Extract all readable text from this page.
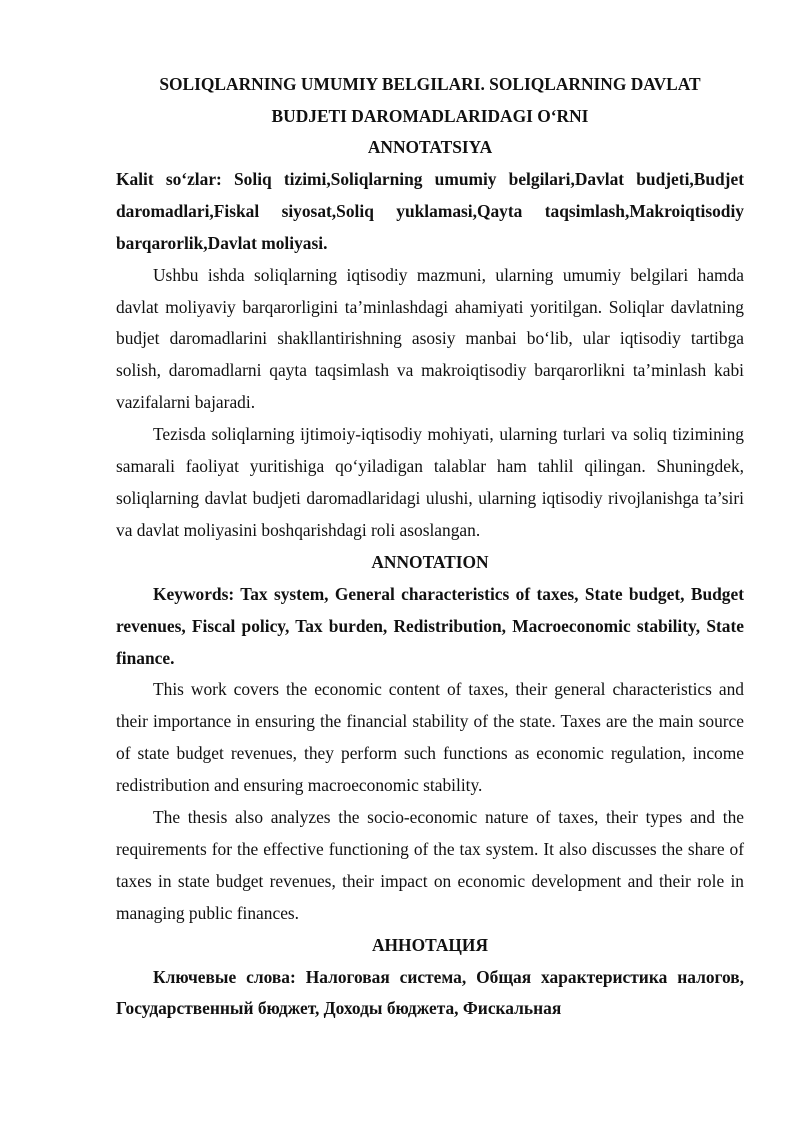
SOLIQLARNING UMUMIY BELGILARI. SOLIQLARNING DAVLAT
BUDJETI DAROMADLARIDAGI O‘RNI
ANNOTATSIYA

Kalit so‘zlar: Soliq tizimi,Soliqlarning umumiy belgilari,Davlat budjeti,Budjet daromadlari,Fiskal siyosat,Soliq yuklamasi,Qayta taqsimlash,Makroiqtisodiy barqarorlik,Davlat moliyasi.

Ushbu ishda soliqlarning iqtisodiy mazmuni, ularning umumiy belgilari hamda davlat moliyaviy barqarorligini ta’minlashdagi ahamiyati yoritilgan. Soliqlar davlatning budjet daromadlarini shakllantirishning asosiy manbai bo‘lib, ular iqtisodiy tartibga solish, daromadlarni qayta taqsimlash va makroiqtisodiy barqarorlikni ta’minlash kabi vazifalarni bajaradi.

Tezisda soliqlarning ijtimoiy-iqtisodiy mohiyati, ularning turlari va soliq tizimining samarali faoliyat yuritishiga qo‘yiladigan talablar ham tahlil qilingan. Shuningdek, soliqlarning davlat budjeti daromadlaridagi ulushi, ularning iqtisodiy rivojlanishga ta’siri va davlat moliyasini boshqarishdagi roli asoslangan.

ANNOTATION

Keywords: Tax system, General characteristics of taxes, State budget, Budget revenues, Fiscal policy, Tax burden, Redistribution, Macroeconomic stability, State finance.

This work covers the economic content of taxes, their general characteristics and their importance in ensuring the financial stability of the state. Taxes are the main source of state budget revenues, they perform such functions as economic regulation, income redistribution and ensuring macroeconomic stability.

The thesis also analyzes the socio-economic nature of taxes, their types and the requirements for the effective functioning of the tax system. It also discusses the share of taxes in state budget revenues, their impact on economic development and their role in managing public finances.

АННОТАЦИЯ

Ключевые слова: Налоговая система, Общая характеристика налогов, Государственный бюджет, Доходы бюджета, Фискальная
